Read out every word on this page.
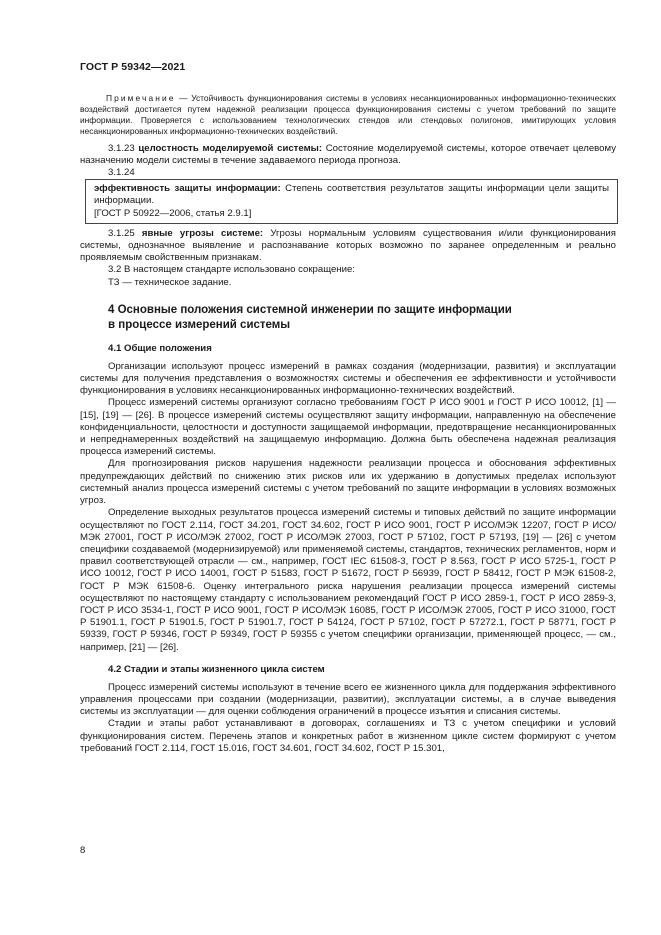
ГОСТ Р 59342—2021

Примечание — Устойчивость функционирования системы в условиях несанкционированных информационно-технических воздействий достигается путем надежной реализации процесса функционирования системы с учетом требований по защите информации. Проверяется с использованием технологических стендов или стендовых полигонов, имитирующих условия несанкционированных информационно-технических воздействий.

3.1.23 целостность моделируемой системы: Состояние моделируемой системы, которое отвечает целевому назначению модели системы в течение задаваемого периода прогноза.

3.1.24

эффективность защиты информации: Степень соответствия результатов защиты информации цели защиты информации.

[ГОСТ Р 50922—2006, статья 2.9.1]

3.1.25 явные угрозы системе: Угрозы нормальным условиям существования и/или функционирования системы, однозначное выявление и распознавание которых возможно по заранее определенным и реально проявляемым свойственным признакам.

3.2 В настоящем стандарте использовано сокращение:

ТЗ — техническое задание.

4 Основные положения системной инженерии по защите информации
в процессе измерений системы

4.1 Общие положения

Организации используют процесс измерений в рамках создания (модернизации, развития) и эксплуатации системы для получения представления о возможностях системы и обеспечения ее эффективности и устойчивости функционирования в условиях несанкционированных информационно-технических воздействий.

Процесс измерений системы организуют согласно требованиям ГОСТ Р ИСО 9001 и ГОСТ Р ИСО 10012, [1] — [15], [19] — [26]. В процессе измерений системы осуществляют защиту информации, направленную на обеспечение конфиденциальности, целостности и доступности защищаемой информации, предотвращение несанкционированных и непреднамеренных воздействий на защищаемую информацию. Должна быть обеспечена надежная реализация процесса измерений системы.

Для прогнозирования рисков нарушения надежности реализации процесса и обоснования эффективных предупреждающих действий по снижению этих рисков или их удержанию в допустимых пределах используют системный анализ процесса измерений системы с учетом требований по защите информации в условиях возможных угроз.

Определение выходных результатов процесса измерений системы и типовых действий по защите информации осуществляют по ГОСТ 2.114, ГОСТ 34.201, ГОСТ 34.602, ГОСТ Р ИСО 9001, ГОСТ Р ИСО/МЭК 12207, ГОСТ Р ИСО/МЭК 27001, ГОСТ Р ИСО/МЭК 27002, ГОСТ Р ИСО/МЭК 27003, ГОСТ Р 57102, ГОСТ Р 57193, [19] — [26] с учетом специфики создаваемой (модернизируемой) или применяемой системы, стандартов, технических регламентов, норм и правил соответствующей отрасли — см., например, ГОСТ IEC 61508-3, ГОСТ Р 8.563, ГОСТ Р ИСО 5725-1, ГОСТ Р ИСО 10012, ГОСТ Р ИСО 14001, ГОСТ Р 51583, ГОСТ Р 51672, ГОСТ Р 56939, ГОСТ Р 58412, ГОСТ Р МЭК 61508-2, ГОСТ Р МЭК 61508-6. Оценку интегрального риска нарушения реализации процесса измерений системы осуществляют по настоящему стандарту с использованием рекомендаций ГОСТ Р ИСО 2859-1, ГОСТ Р ИСО 2859-3, ГОСТ Р ИСО 3534-1, ГОСТ Р ИСО 9001, ГОСТ Р ИСО/МЭК 16085, ГОСТ Р ИСО/МЭК 27005, ГОСТ Р ИСО 31000, ГОСТ Р 51901.1, ГОСТ Р 51901.5, ГОСТ Р 51901.7, ГОСТ Р 54124, ГОСТ Р 57102, ГОСТ Р 57272.1, ГОСТ Р 58771, ГОСТ Р 59339, ГОСТ Р 59346, ГОСТ Р 59349, ГОСТ Р 59355 с учетом специфики организации, применяющей процесс, — см., например, [21] — [26].

4.2 Стадии и этапы жизненного цикла систем

Процесс измерений системы используют в течение всего ее жизненного цикла для поддержания эффективного управления процессами при создании (модернизации, развитии), эксплуатации системы, а в случае выведения системы из эксплуатации — для оценки соблюдения ограничений в процессе изъятия и списания системы.

Стадии и этапы работ устанавливают в договорах, соглашениях и ТЗ с учетом специфики и условий функционирования систем. Перечень этапов и конкретных работ в жизненном цикле систем формируют с учетом требований ГОСТ 2.114, ГОСТ 15.016, ГОСТ 34.601, ГОСТ 34.602, ГОСТ Р 15.301,

8
